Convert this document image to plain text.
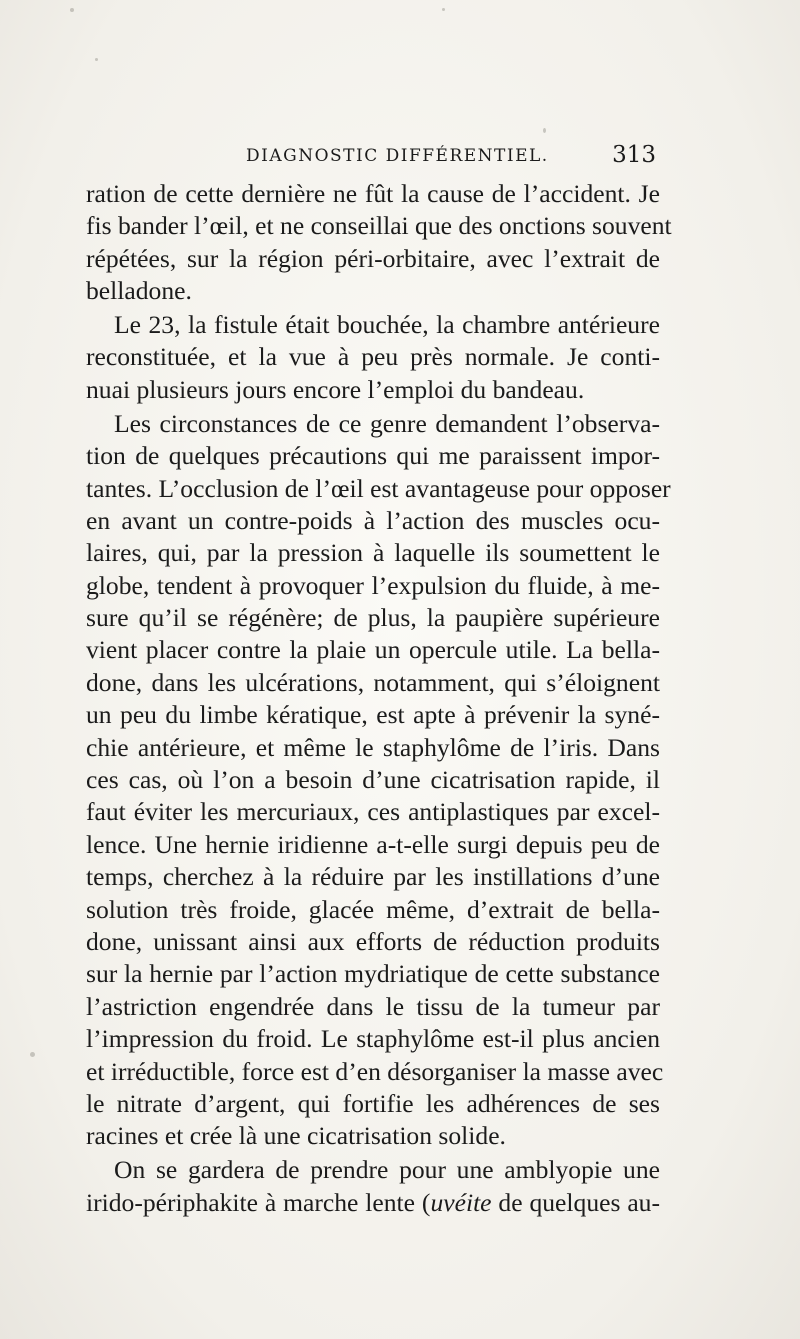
DIAGNOSTIC DIFFÉRENTIEL.	313

ration de cette dernière ne fût la cause de l’accident. Je
fis bander l’œil, et ne conseillai que des onctions souvent
répétées, sur la région péri-orbitaire, avec l’extrait de
belladone.

Le 23, la fistule était bouchée, la chambre antérieure
reconstituée, et la vue à peu près normale. Je conti-
nuai plusieurs jours encore l’emploi du bandeau.

Les circonstances de ce genre demandent l’observa-
tion de quelques précautions qui me paraissent impor-
tantes. L’occlusion de l’œil est avantageuse pour opposer
en avant un contre-poids à l’action des muscles ocu-
laires, qui, par la pression à laquelle ils soumettent le
globe, tendent à provoquer l’expulsion du fluide, à me-
sure qu’il se régénère; de plus, la paupière supérieure
vient placer contre la plaie un opercule utile. La bella-
done, dans les ulcérations, notamment, qui s’éloignent
un peu du limbe kératique, est apte à prévenir la syné-
chie antérieure, et même le staphylôme de l’iris. Dans
ces cas, où l’on a besoin d’une cicatrisation rapide, il
faut éviter les mercuriaux, ces antiplastiques par excel-
lence. Une hernie iridienne a-t-elle surgi depuis peu de
temps, cherchez à la réduire par les instillations d’une
solution très froide, glacée même, d’extrait de bella-
done, unissant ainsi aux efforts de réduction produits
sur la hernie par l’action mydriatique de cette substance
l’astriction engendrée dans le tissu de la tumeur par
l’impression du froid. Le staphylôme est-il plus ancien
et irréductible, force est d’en désorganiser la masse avec
le nitrate d’argent, qui fortifie les adhérences de ses
racines et crée là une cicatrisation solide.

On se gardera de prendre pour une amblyopie une
irido-périphakite à marche lente (uvéite de quelques au-
